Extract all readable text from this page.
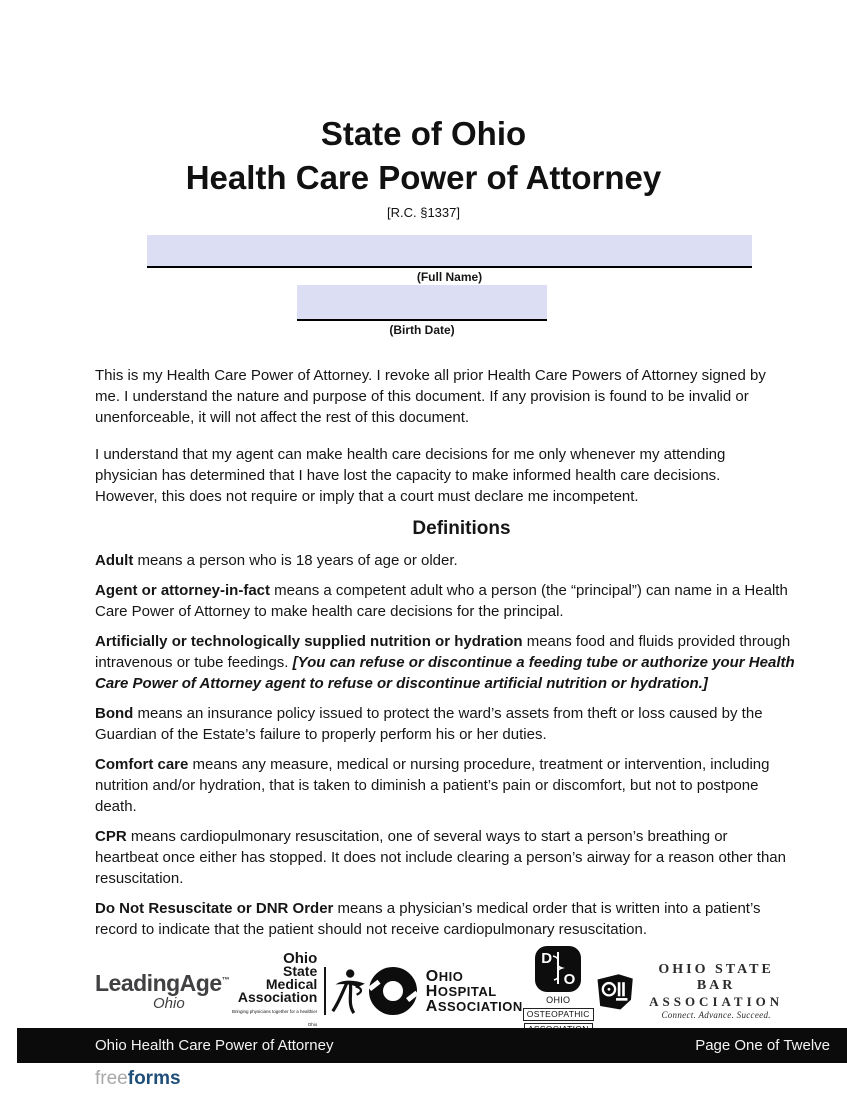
State of Ohio
Health Care Power of Attorney
[R.C. §1337]
(Full Name)
(Birth Date)

This is my Health Care Power of Attorney. I revoke all prior Health Care Powers of Attorney signed by me. I understand the nature and purpose of this document. If any provision is found to be invalid or unenforceable, it will not affect the rest of this document.

I understand that my agent can make health care decisions for me only whenever my attending physician has determined that I have lost the capacity to make informed health care decisions. However, this does not require or imply that a court must declare me incompetent.

Definitions

Adult means a person who is 18 years of age or older.

Agent or attorney-in-fact means a competent adult who a person (the “principal”) can name in a Health Care Power of Attorney to make health care decisions for the principal.

Artificially or technologically supplied nutrition or hydration means food and fluids provided through intravenous or tube feedings. [You can refuse or discontinue a feeding tube or authorize your Health Care Power of Attorney agent to refuse or discontinue artificial nutrition or hydration.]

Bond means an insurance policy issued to protect the ward’s assets from theft or loss caused by the Guardian of the Estate’s failure to properly perform his or her duties.

Comfort care means any measure, medical or nursing procedure, treatment or intervention, including nutrition and/or hydration, that is taken to diminish a patient’s pain or discomfort, but not to postpone death.

CPR means cardiopulmonary resuscitation, one of several ways to start a person’s breathing or heartbeat once either has stopped. It does not include clearing a person’s airway for a reason other than resuscitation.

Do Not Resuscitate or DNR Order means a physician’s medical order that is written into a patient’s record to indicate that the patient should not receive cardiopulmonary resuscitation.

LeadingAge™
Ohio
Ohio
State Medical
Association
Bringing physicians together for a healthier Ohio
OHIO
HOSPITAL
ASSOCIATION
D
O
OHIO
OSTEOPATHIC
OHIO STATE BAR
ASSOCIATION
Connect. Advance. Succeed.
Ohio Health Care Power of Attorney	Page One of Twelve
freeforms
